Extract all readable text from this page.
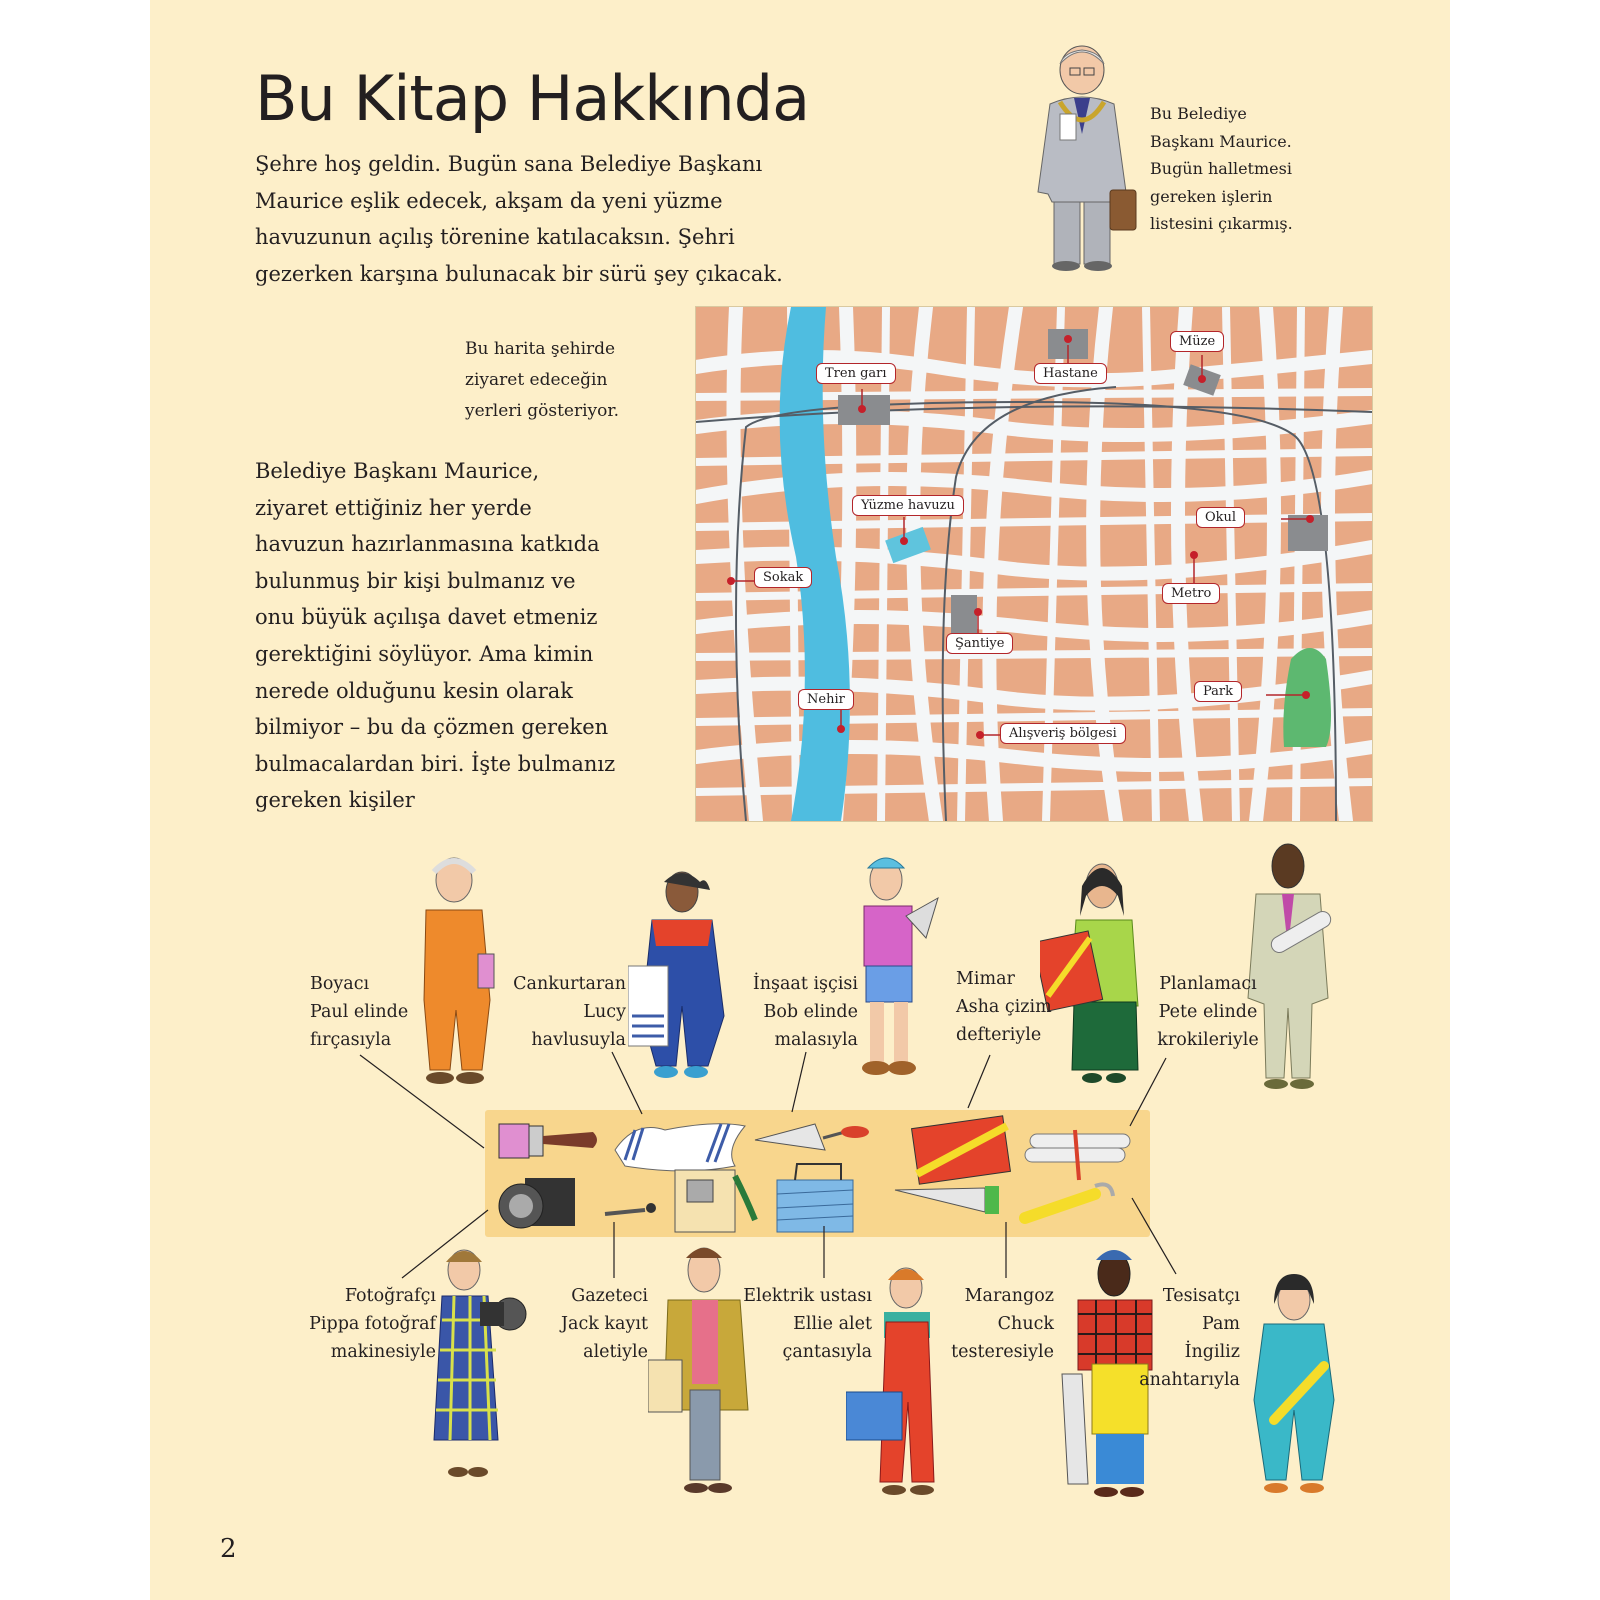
Bu Kitap Hakkında
Şehre hoş geldin. Bugün sana Belediye Başkanı
Maurice eşlik edecek, akşam da yeni yüzme
havuzunun açılış törenine katılacaksın. Şehri
gezerken karşına bulunacak bir sürü şey çıkacak.
Bu Belediye
Başkanı Maurice.
Bugün halletmesi
gereken işlerin
listesini çıkarmış.
Bu harita şehirde
ziyaret edeceğin
yerleri gösteriyor.
Belediye Başkanı Maurice,
ziyaret ettiğiniz her yerde
havuzun hazırlanmasına katkıda
bulunmuş bir kişi bulmanız ve
onu büyük açılışa davet etmeniz
gerektiğini söylüyor. Ama kimin
nerede olduğunu kesin olarak
bilmiyor – bu da çözmen gereken
bulmacalardan biri. İşte bulmanız
gereken kişiler
Tren garı	Hastane
Müze
Yüzme havuzu
Okul
Sokak
Metro
Şantiye
Nehir
Park
Alışveriş bölgesi
Boyacı
Paul elinde
fırçasıyla
Cankurtaran
Lucy
havlusuyla
İnşaat işçisi
Bob elinde
malasıyla
Mimar
Asha çizim
defteriyle
Planlamacı
Pete elinde
krokileriyle
Fotoğrafçı
Pippa fotoğraf
makinesiyle
Gazeteci
Jack kayıt
aletiyle
Elektrik ustası
Ellie alet
çantasıyla
Marangoz
Chuck
testeresiyle
Tesisatçı
Pam
İngiliz
anahtarıyla
2
